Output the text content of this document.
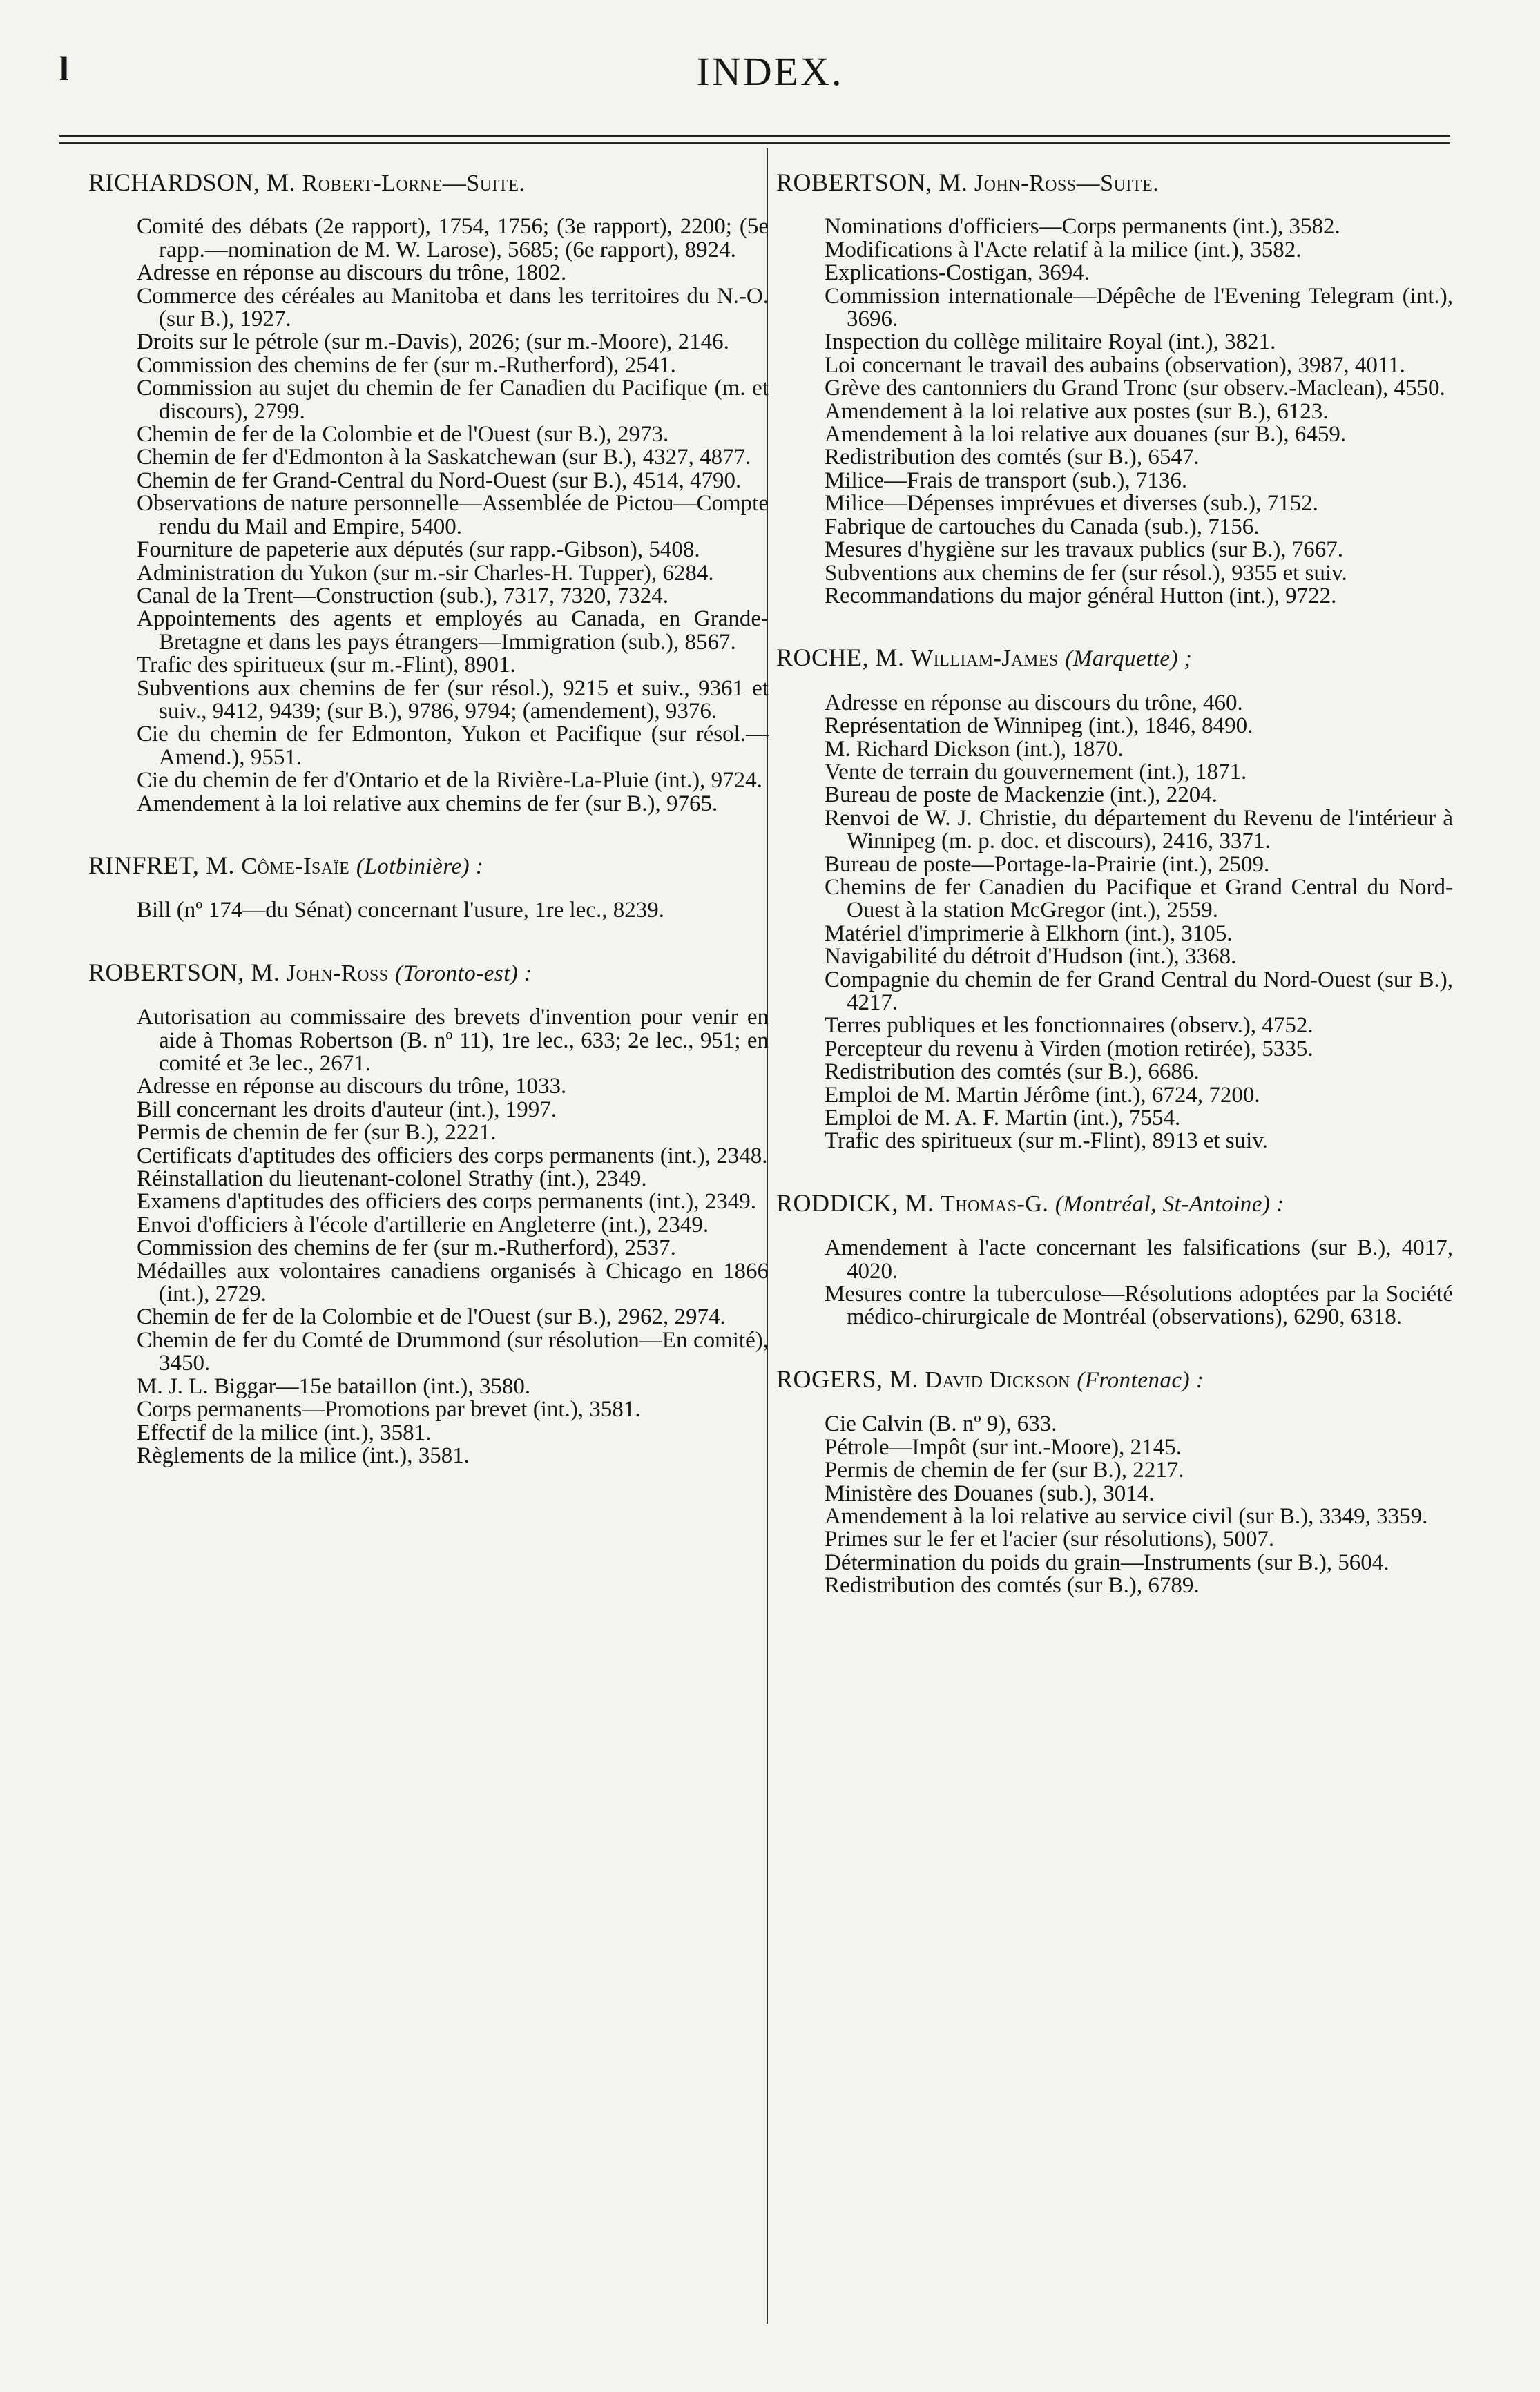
l	INDEX.
RICHARDSON, M. Robert-Lorne—Suite.
Comité des débats (2e rapport), 1754, 1756; (3e rapport), 2200; (5e rapp.—nomination de M. W. Larose), 5685; (6e rapport), 8924.
Adresse en réponse au discours du trône, 1802.
Commerce des céréales au Manitoba et dans les territoires du N.-O. (sur B.), 1927.
Droits sur le pétrole (sur m.-Davis), 2026; (sur m.-Moore), 2146.
Commission des chemins de fer (sur m.-Rutherford), 2541.
Commission au sujet du chemin de fer Canadien du Pacifique (m. et discours), 2799.
Chemin de fer de la Colombie et de l'Ouest (sur B.), 2973.
Chemin de fer d'Edmonton à la Saskatchewan (sur B.), 4327, 4877.
Chemin de fer Grand-Central du Nord-Ouest (sur B.), 4514, 4790.
Observations de nature personnelle—Assemblée de Pictou—Compte rendu du Mail and Empire, 5400.
Fourniture de papeterie aux députés (sur rapp.-Gibson), 5408.
Administration du Yukon (sur m.-sir Charles-H. Tupper), 6284.
Canal de la Trent—Construction (sub.), 7317, 7320, 7324.
Appointements des agents et employés au Canada, en Grande-Bretagne et dans les pays étrangers—Immigration (sub.), 8567.
Trafic des spiritueux (sur m.-Flint), 8901.
Subventions aux chemins de fer (sur résol.), 9215 et suiv., 9361 et suiv., 9412, 9439; (sur B.), 9786, 9794; (amendement), 9376.
Cie du chemin de fer Edmonton, Yukon et Pacifique (sur résol.—Amend.), 9551.
Cie du chemin de fer d'Ontario et de la Rivière-La-Pluie (int.), 9724.
Amendement à la loi relative aux chemins de fer (sur B.), 9765.
RINFRET, M. Côme-Isaïe (Lotbinière) :
Bill (nº 174—du Sénat) concernant l'usure, 1re lec., 8239.
ROBERTSON, M. John-Ross (Toronto-est) :
Autorisation au commissaire des brevets d'invention pour venir en aide à Thomas Robertson (B. nº 11), 1re lec., 633; 2e lec., 951; en comité et 3e lec., 2671.
Adresse en réponse au discours du trône, 1033.
Bill concernant les droits d'auteur (int.), 1997.
Permis de chemin de fer (sur B.), 2221.
Certificats d'aptitudes des officiers des corps permanents (int.), 2348.
Réinstallation du lieutenant-colonel Strathy (int.), 2349.
Examens d'aptitudes des officiers des corps permanents (int.), 2349.
Envoi d'officiers à l'école d'artillerie en Angleterre (int.), 2349.
Commission des chemins de fer (sur m.-Rutherford), 2537.
Médailles aux volontaires canadiens organisés à Chicago en 1866 (int.), 2729.
Chemin de fer de la Colombie et de l'Ouest (sur B.), 2962, 2974.
Chemin de fer du Comté de Drummond (sur résolution—En comité), 3450.
M. J. L. Biggar—15e bataillon (int.), 3580.
Corps permanents—Promotions par brevet (int.), 3581.
Effectif de la milice (int.), 3581.
Règlements de la milice (int.), 3581.
ROBERTSON, M. John-Ross—Suite.
Nominations d'officiers—Corps permanents (int.), 3582.
Modifications à l'Acte relatif à la milice (int.), 3582.
Explications-Costigan, 3694.
Commission internationale—Dépêche de l'Evening Telegram (int.), 3696.
Inspection du collège militaire Royal (int.), 3821.
Loi concernant le travail des aubains (observation), 3987, 4011.
Grève des cantonniers du Grand Tronc (sur observ.-Maclean), 4550.
Amendement à la loi relative aux postes (sur B.), 6123.
Amendement à la loi relative aux douanes (sur B.), 6459.
Redistribution des comtés (sur B.), 6547.
Milice—Frais de transport (sub.), 7136.
Milice—Dépenses imprévues et diverses (sub.), 7152.
Fabrique de cartouches du Canada (sub.), 7156.
Mesures d'hygiène sur les travaux publics (sur B.), 7667.
Subventions aux chemins de fer (sur résol.), 9355 et suiv.
Recommandations du major général Hutton (int.), 9722.
ROCHE, M. William-James (Marquette) ;
Adresse en réponse au discours du trône, 460.
Représentation de Winnipeg (int.), 1846, 8490.
M. Richard Dickson (int.), 1870.
Vente de terrain du gouvernement (int.), 1871.
Bureau de poste de Mackenzie (int.), 2204.
Renvoi de W. J. Christie, du département du Revenu de l'intérieur à Winnipeg (m. p. doc. et discours), 2416, 3371.
Bureau de poste—Portage-la-Prairie (int.), 2509.
Chemins de fer Canadien du Pacifique et Grand Central du Nord-Ouest à la station McGregor (int.), 2559.
Matériel d'imprimerie à Elkhorn (int.), 3105.
Navigabilité du détroit d'Hudson (int.), 3368.
Compagnie du chemin de fer Grand Central du Nord-Ouest (sur B.), 4217.
Terres publiques et les fonctionnaires (observ.), 4752.
Percepteur du revenu à Virden (motion retirée), 5335.
Redistribution des comtés (sur B.), 6686.
Emploi de M. Martin Jérôme (int.), 6724, 7200.
Emploi de M. A. F. Martin (int.), 7554.
Trafic des spiritueux (sur m.-Flint), 8913 et suiv.
RODDICK, M. Thomas-G. (Montréal, St-Antoine) :
Amendement à l'acte concernant les falsifications (sur B.), 4017, 4020.
Mesures contre la tuberculose—Résolutions adoptées par la Société médico-chirurgicale de Montréal (observations), 6290, 6318.
ROGERS, M. David Dickson (Frontenac) :
Cie Calvin (B. nº 9), 633.
Pétrole—Impôt (sur int.-Moore), 2145.
Permis de chemin de fer (sur B.), 2217.
Ministère des Douanes (sub.), 3014.
Amendement à la loi relative au service civil (sur B.), 3349, 3359.
Primes sur le fer et l'acier (sur résolutions), 5007.
Détermination du poids du grain—Instruments (sur B.), 5604.
Redistribution des comtés (sur B.), 6789.
